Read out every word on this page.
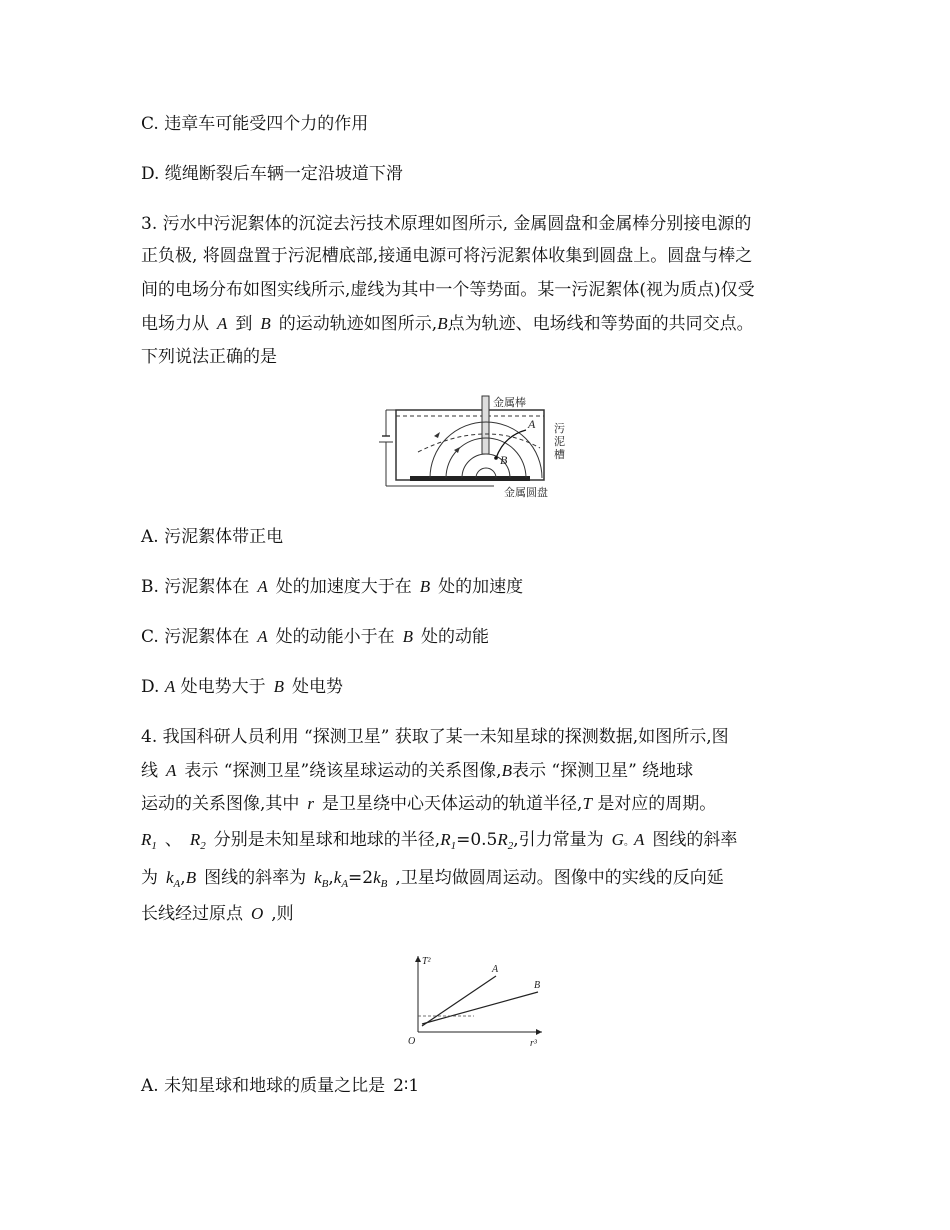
C. 违章车可能受四个力的作用
D. 缆绳断裂后车辆一定沿坡道下滑
3. 污水中污泥絮体的沉淀去污技术原理如图所示, 金属圆盘和金属棒分别接电源的
正负极, 将圆盘置于污泥槽底部,接通电源可将污泥絮体收集到圆盘上。圆盘与棒之
间的电场分布如图实线所示,虚线为其中一个等势面。某一污泥絮体(视为质点)仅受
电场力从 A 到 B 的运动轨迹如图所示,B点为轨迹、电场线和等势面的共同交点。
下列说法正确的是
金属棒
A
B
污
泥
槽
金属圆盘
A. 污泥絮体带正电
B. 污泥絮体在 A 处的加速度大于在 B 处的加速度
C. 污泥絮体在 A 处的动能小于在 B 处的动能
D. A 处电势大于 B 处电势
4. 我国科研人员利用 “探测卫星” 获取了某一未知星球的探测数据,如图所示,图
线 A 表示 “探测卫星”绕该星球运动的关系图像,B表示 “探测卫星” 绕地球
运动的关系图像,其中 r 是卫星绕中心天体运动的轨道半径,T 是对应的周期。
$R_1$ 、 $R_2$ 分别是未知星球和地球的半径$,R_1=0.5R_2$,引力常量为 G。A 图线的斜率
为 $k_A,B$ 图线的斜率为 $k_B,k_A=2k_B$ ,卫星均做圆周运动。图像中的实线的反向延
长线经过原点 O ,则
T²
r³
O
A
B
A. 未知星球和地球的质量之比是 2∶1
